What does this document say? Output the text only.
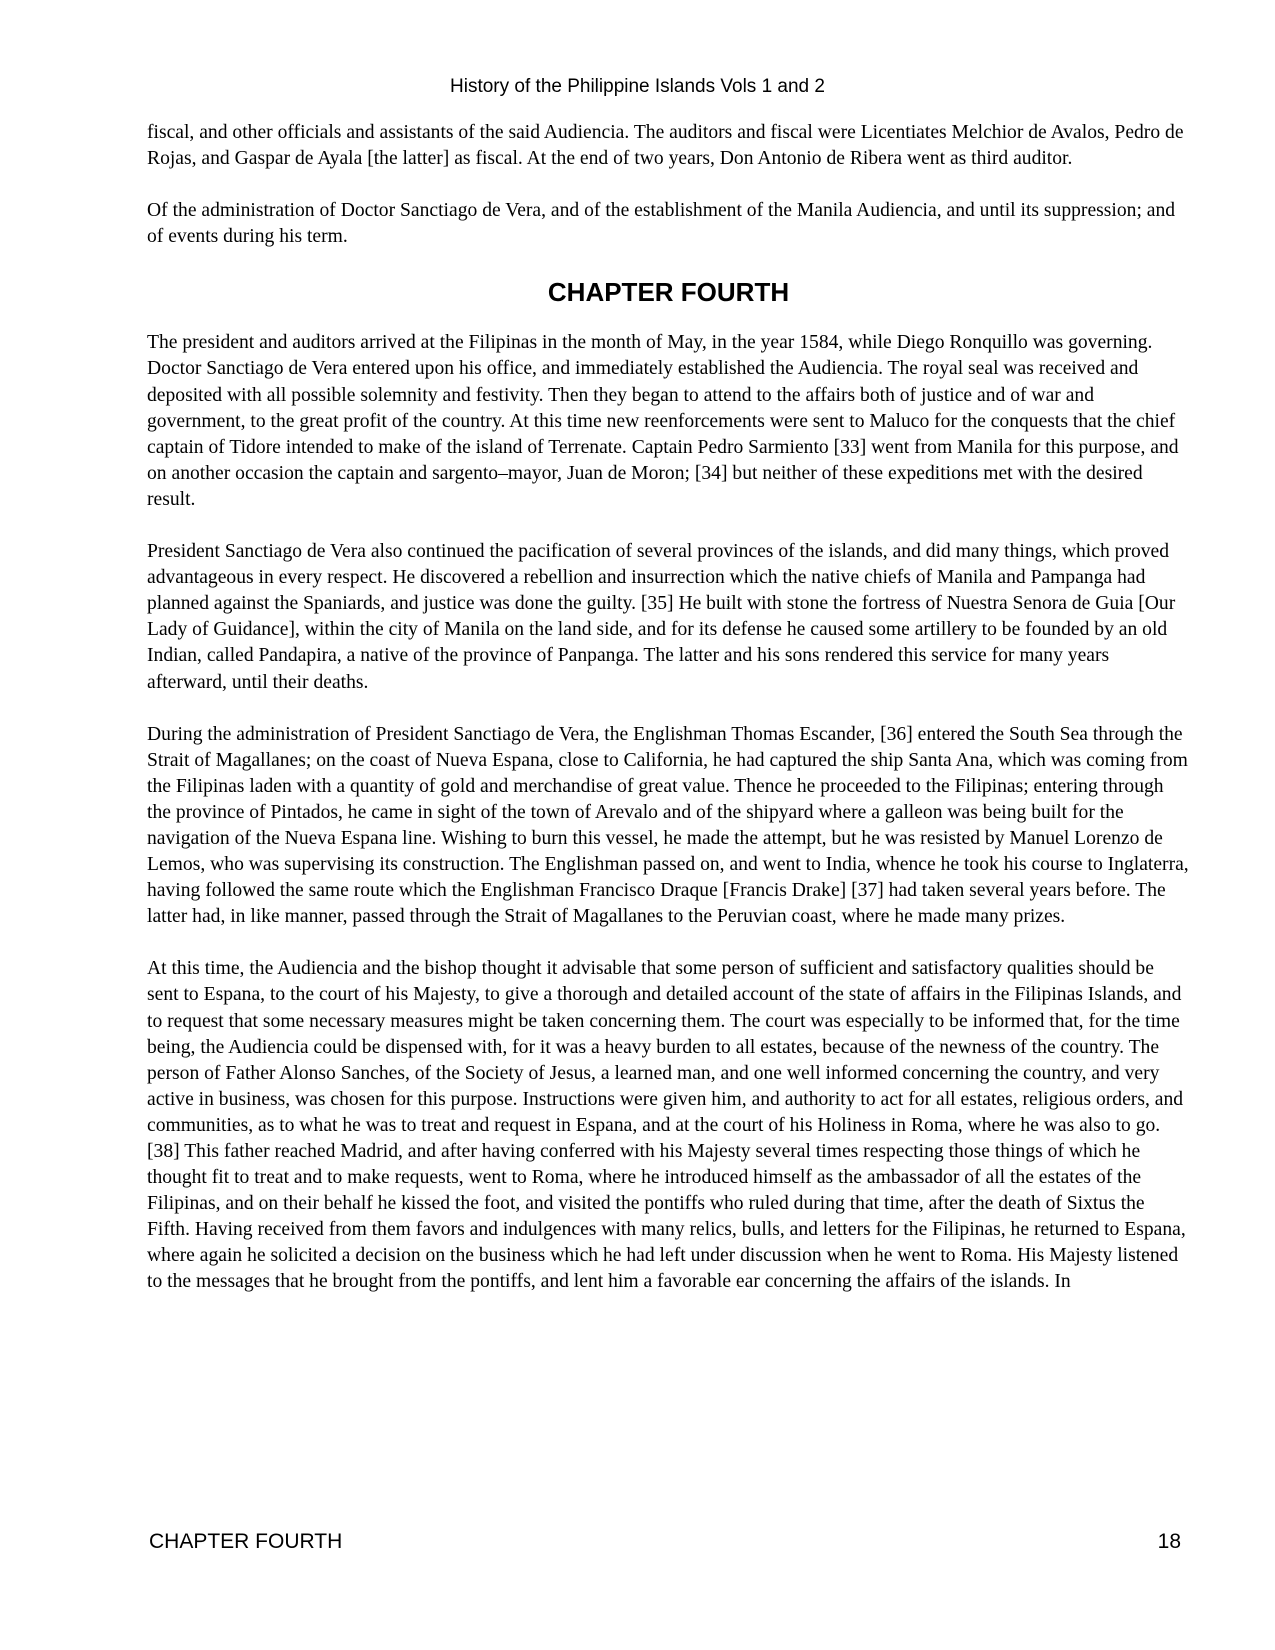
History of the Philippine Islands Vols 1 and 2

fiscal, and other officials and assistants of the said Audiencia. The auditors and fiscal were Licentiates Melchior de Avalos, Pedro de Rojas, and Gaspar de Ayala [the latter] as fiscal. At the end of two years, Don Antonio de Ribera went as third auditor.

Of the administration of Doctor Sanctiago de Vera, and of the establishment of the Manila Audiencia, and until its suppression; and of events during his term.

CHAPTER FOURTH

The president and auditors arrived at the Filipinas in the month of May, in the year 1584, while Diego Ronquillo was governing. Doctor Sanctiago de Vera entered upon his office, and immediately established the Audiencia. The royal seal was received and deposited with all possible solemnity and festivity. Then they began to attend to the affairs both of justice and of war and government, to the great profit of the country. At this time new reenforcements were sent to Maluco for the conquests that the chief captain of Tidore intended to make of the island of Terrenate. Captain Pedro Sarmiento [33] went from Manila for this purpose, and on another occasion the captain and sargento–mayor, Juan de Moron; [34] but neither of these expeditions met with the desired result.

President Sanctiago de Vera also continued the pacification of several provinces of the islands, and did many things, which proved advantageous in every respect. He discovered a rebellion and insurrection which the native chiefs of Manila and Pampanga had planned against the Spaniards, and justice was done the guilty. [35] He built with stone the fortress of Nuestra Senora de Guia [Our Lady of Guidance], within the city of Manila on the land side, and for its defense he caused some artillery to be founded by an old Indian, called Pandapira, a native of the province of Panpanga. The latter and his sons rendered this service for many years afterward, until their deaths.

During the administration of President Sanctiago de Vera, the Englishman Thomas Escander, [36] entered the South Sea through the Strait of Magallanes; on the coast of Nueva Espana, close to California, he had captured the ship Santa Ana, which was coming from the Filipinas laden with a quantity of gold and merchandise of great value. Thence he proceeded to the Filipinas; entering through the province of Pintados, he came in sight of the town of Arevalo and of the shipyard where a galleon was being built for the navigation of the Nueva Espana line. Wishing to burn this vessel, he made the attempt, but he was resisted by Manuel Lorenzo de Lemos, who was supervising its construction. The Englishman passed on, and went to India, whence he took his course to Inglaterra, having followed the same route which the Englishman Francisco Draque [Francis Drake] [37] had taken several years before. The latter had, in like manner, passed through the Strait of Magallanes to the Peruvian coast, where he made many prizes.

At this time, the Audiencia and the bishop thought it advisable that some person of sufficient and satisfactory qualities should be sent to Espana, to the court of his Majesty, to give a thorough and detailed account of the state of affairs in the Filipinas Islands, and to request that some necessary measures might be taken concerning them. The court was especially to be informed that, for the time being, the Audiencia could be dispensed with, for it was a heavy burden to all estates, because of the newness of the country. The person of Father Alonso Sanches, of the Society of Jesus, a learned man, and one well informed concerning the country, and very active in business, was chosen for this purpose. Instructions were given him, and authority to act for all estates, religious orders, and communities, as to what he was to treat and request in Espana, and at the court of his Holiness in Roma, where he was also to go. [38] This father reached Madrid, and after having conferred with his Majesty several times respecting those things of which he thought fit to treat and to make requests, went to Roma, where he introduced himself as the ambassador of all the estates of the Filipinas, and on their behalf he kissed the foot, and visited the pontiffs who ruled during that time, after the death of Sixtus the Fifth. Having received from them favors and indulgences with many relics, bulls, and letters for the Filipinas, he returned to Espana, where again he solicited a decision on the business which he had left under discussion when he went to Roma. His Majesty listened to the messages that he brought from the pontiffs, and lent him a favorable ear concerning the affairs of the islands. In

CHAPTER FOURTH	18
